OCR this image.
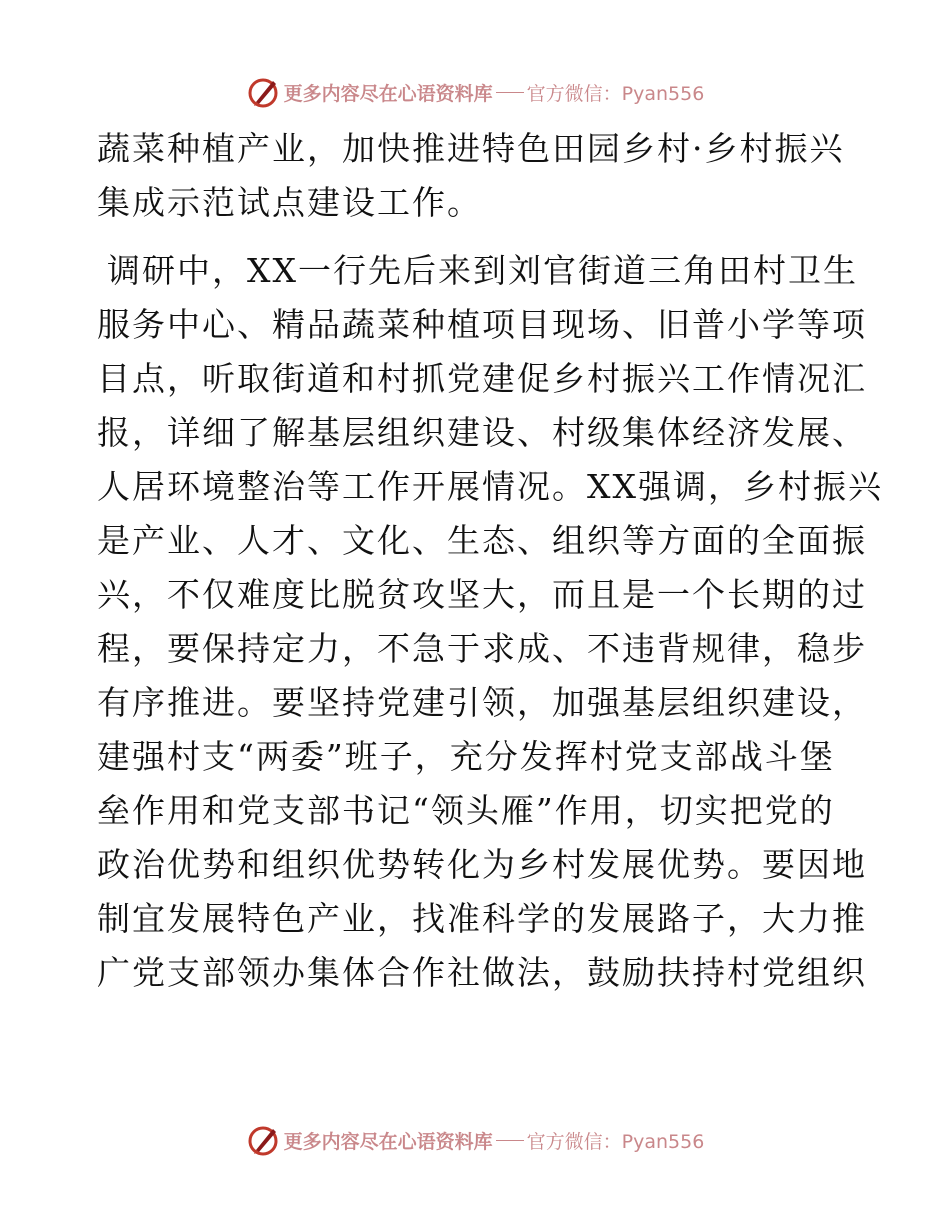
更多内容尽在心语资料库 官方微信：Pyan556
蔬菜种植产业，加快推进特色田园乡村·乡村振兴
集成示范试点建设工作。
调研中，XX一行先后来到刘官街道三角田村卫生
服务中心、精品蔬菜种植项目现场、旧普小学等项
目点，听取街道和村抓党建促乡村振兴工作情况汇
报，详细了解基层组织建设、村级集体经济发展、
人居环境整治等工作开展情况。XX强调，乡村振兴
是产业、人才、文化、生态、组织等方面的全面振
兴，不仅难度比脱贫攻坚大，而且是一个长期的过
程，要保持定力，不急于求成、不违背规律，稳步
有序推进。要坚持党建引领，加强基层组织建设，
建强村支“两委”班子，充分发挥村党支部战斗堡
垒作用和党支部书记“领头雁”作用，切实把党的
政治优势和组织优势转化为乡村发展优势。要因地
制宜发展特色产业，找准科学的发展路子，大力推
广党支部领办集体合作社做法，鼓励扶持村党组织
更多内容尽在心语资料库 官方微信：Pyan556
